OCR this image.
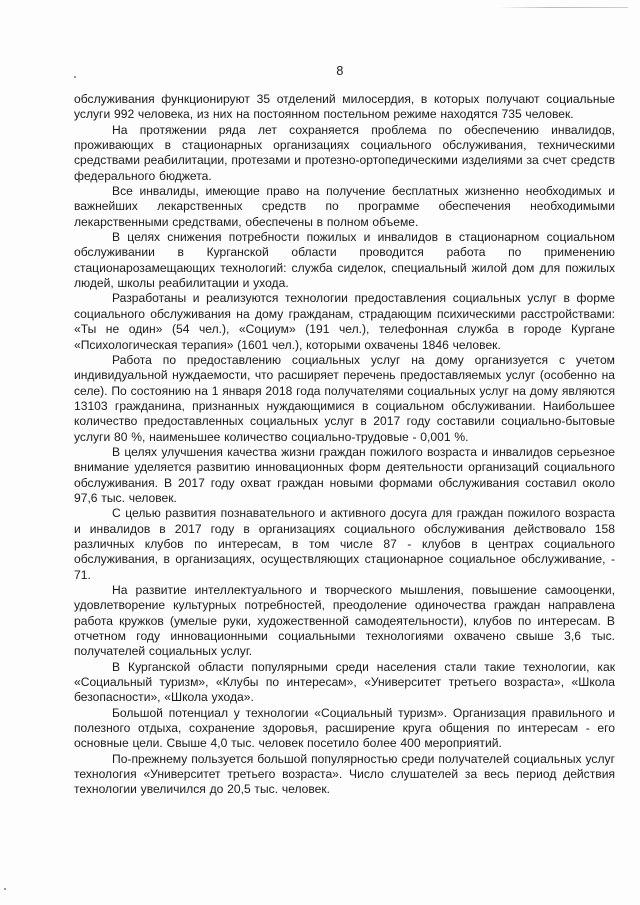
8

обслуживания функционируют 35 отделений милосердия, в которых получают социальные услуги 992 человека, из них на постоянном постельном режиме находятся 735 человек.

На протяжении ряда лет сохраняется проблема по обеспечению инвалидов, проживающих в стационарных организациях социального обслуживания, техническими средствами реабилитации, протезами и протезно-ортопедическими изделиями за счет средств федерального бюджета.

Все инвалиды, имеющие право на получение бесплатных жизненно необходимых и важнейших лекарственных средств по программе обеспечения необходимыми лекарственными средствами, обеспечены в полном объеме.

В целях снижения потребности пожилых и инвалидов в стационарном социальном обслуживании в Курганской области проводится работа по применению стационарозамещающих технологий: служба сиделок, специальный жилой дом для пожилых людей, школы реабилитации и ухода.

Разработаны и реализуются технологии предоставления социальных услуг в форме социального обслуживания на дому гражданам, страдающим психическими расстройствами: «Ты не один» (54 чел.), «Социум» (191 чел.), телефонная служба в городе Кургане «Психологическая терапия» (1601 чел.), которыми охвачены 1846 человек.

Работа по предоставлению социальных услуг на дому организуется с учетом индивидуальной нуждаемости, что расширяет перечень предоставляемых услуг (особенно на селе). По состоянию на 1 января 2018 года получателями социальных услуг на дому являются 13103 гражданина, признанных нуждающимися в социальном обслуживании. Наибольшее количество предоставленных социальных услуг в 2017 году составили социально-бытовые услуги 80 %, наименьшее количество социально-трудовые - 0,001 %.

В целях улучшения качества жизни граждан пожилого возраста и инвалидов серьезное внимание уделяется развитию инновационных форм деятельности организаций социального обслуживания. В 2017 году охват граждан новыми формами обслуживания составил около 97,6 тыс. человек.

С целью развития познавательного и активного досуга для граждан пожилого возраста и инвалидов в 2017 году в организациях социального обслуживания действовало 158 различных клубов по интересам, в том числе 87 - клубов в центрах социального обслуживания, в организациях, осуществляющих стационарное социальное обслуживание, - 71.

На развитие интеллектуального и творческого мышления, повышение самооценки, удовлетворение культурных потребностей, преодоление одиночества граждан направлена работа кружков (умелые руки, художественной самодеятельности), клубов по интересам. В отчетном году инновационными социальными технологиями охвачено свыше 3,6 тыс. получателей социальных услуг.

В Курганской области популярными среди населения стали такие технологии, как «Социальный туризм», «Клубы по интересам», «Университет третьего возраста», «Школа безопасности», «Школа ухода».

Большой потенциал у технологии «Социальный туризм». Организация правильного и полезного отдыха, сохранение здоровья, расширение круга общения по интересам - его основные цели. Свыше 4,0 тыс. человек посетило более 400 мероприятий.

По-прежнему пользуется большой популярностью среди получателей социальных услуг технология «Университет третьего возраста». Число слушателей за весь период действия технологии увеличился до 20,5 тыс. человек.
